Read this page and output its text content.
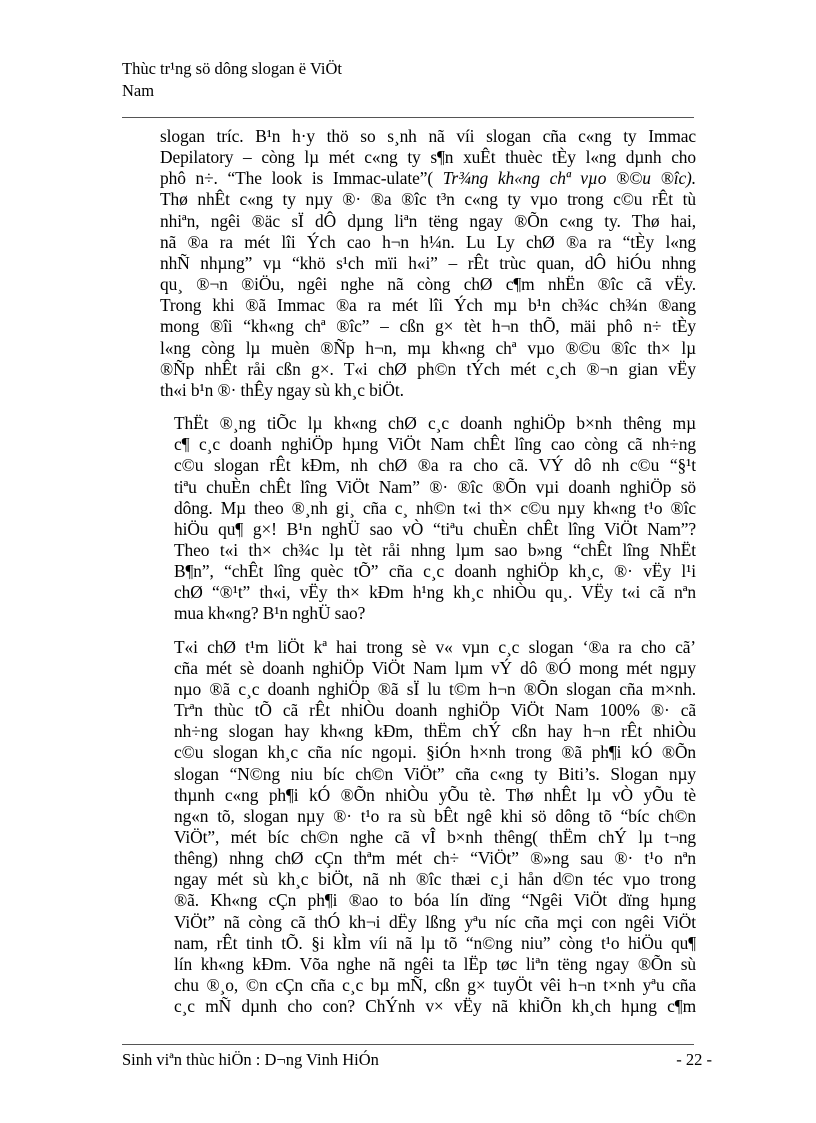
Thùc tr¹ng sö dông slogan ë ViÖt
Nam
slogan tríc. B¹n h·y thö so s¸nh nã víi slogan cña c«ng ty Immac
Depilatory – còng lµ mét c«ng ty s¶n xuÊt thuèc tÈy l«ng dµnh cho
phô n÷. “The look is Immac-ulate”( Tr¾ng kh«ng chª vµo ®©u ®îc).
Thø nhÊt c«ng ty nµy ®· ®a ®îc t³n c«ng ty vµo trong c©u rÊt tù
nhiªn, ngêi ®äc sÏ dÔ dµng liªn tëng ngay ®Õn c«ng ty. Thø hai,
nã ®a ra mét lîi Ých cao h¬n h¼n. Lu Ly chØ ®a ra “tÈy l«ng
nhÑ nhµng” vµ “khö s¹ch mïi h«i” – rÊt trùc quan, dÔ hiÓu nhng
qu¸ ®¬n ®iÖu, ngêi nghe nã còng chØ c¶m nhËn ®îc cã vËy.
Trong khi ®ã Immac ®a ra mét lîi Ých mµ b¹n ch¾c ch¾n ®ang
mong ®îi “kh«ng chª ®îc” – cßn g× tèt h¬n thÕ, mäi phô n÷ tÈy
l«ng còng lµ muèn ®Ñp h¬n, mµ kh«ng chª vµo ®©u ®îc th× lµ
®Ñp nhÊt råi cßn g×. T«i chØ ph©n tÝch mét c¸ch ®¬n gian vËy
th«i b¹n ®· thÊy ngay sù kh¸c biÖt.
ThËt ®¸ng tiÕc lµ kh«ng chØ c¸c doanh nghiÖp b×nh thêng mµ
c¶ c¸c doanh nghiÖp hµng ViÖt Nam chÊt lîng cao còng cã nh÷ng
c©u slogan rÊt kÐm, nh chØ ®a ra cho cã. VÝ dô nh c©u “§¹t
tiªu chuÈn chÊt lîng ViÖt Nam” ®· ®îc ®Õn vµi doanh nghiÖp sö
dông. Mµ theo ®¸nh gi¸ cña c¸ nh©n t«i th× c©u nµy kh«ng t¹o ®îc
hiÖu qu¶ g×! B¹n nghÜ sao vÒ “tiªu chuÈn chÊt lîng ViÖt Nam”?
Theo t«i th× ch¾c lµ tèt råi nhng lµm sao b»ng “chÊt lîng NhËt
B¶n”, “chÊt lîng quèc tÕ” cña c¸c doanh nghiÖp kh¸c, ®· vËy l¹i
chØ “®¹t” th«i, vËy th× kÐm h¹ng kh¸c nhiÒu qu¸. VËy t«i cã nªn
mua kh«ng? B¹n nghÜ sao?
T«i chØ t¹m liÖt kª hai trong sè v« vµn c¸c slogan ‘®a ra cho cã’
cña mét sè doanh nghiÖp ViÖt Nam lµm vÝ dô ®Ó mong mét ngµy
nµo ®ã c¸c doanh nghiÖp ®ã sÏ lu t©m h¬n ®Õn slogan cña m×nh.
Trªn thùc tÕ cã rÊt nhiÒu doanh nghiÖp ViÖt Nam 100% ®· cã
nh÷ng slogan hay kh«ng kÐm, thËm chÝ cßn hay h¬n rÊt nhiÒu
c©u slogan kh¸c cña níc ngoµi. §iÓn h×nh trong ®ã ph¶i kÓ ®Õn
slogan “N©ng niu bíc ch©n ViÖt” cña c«ng ty Biti’s. Slogan nµy
thµnh c«ng ph¶i kÓ ®Õn nhiÒu yÕu tè. Thø nhÊt lµ vÒ yÕu tè
ng«n tõ, slogan nµy ®· t¹o ra sù bÊt ngê khi sö dông tõ “bíc ch©n
ViÖt”, mét bíc ch©n nghe cã vÎ b×nh thêng( thËm chÝ lµ t¬ng
thêng) nhng chØ cÇn thªm mét ch÷ “ViÖt” ®»ng sau ®· t¹o nªn
ngay mét sù kh¸c biÖt, nã nh ®îc thæi c¸i hån d©n téc vµo trong
®ã. Kh«ng cÇn ph¶i ®ao to bóa lín dïng “Ngêi ViÖt dïng hµng
ViÖt” nã còng cã thÓ kh¬i dËy lßng yªu níc cña mçi con ngêi ViÖt
nam, rÊt tinh tÕ. §i kÌm víi nã lµ tõ “n©ng niu” còng t¹o hiÖu qu¶
lín kh«ng kÐm. Võa nghe nã ngêi ta lËp tøc liªn tëng ngay ®Õn sù
chu ®¸o, ©n cÇn cña c¸c bµ mÑ, cßn g× tuyÖt vêi h¬n t×nh yªu cña
c¸c mÑ dµnh cho con? ChÝnh v× vËy nã khiÕn kh¸ch hµng c¶m
Sinh viªn thùc hiÖn : D¬ng Vinh HiÓn	- 22 -
